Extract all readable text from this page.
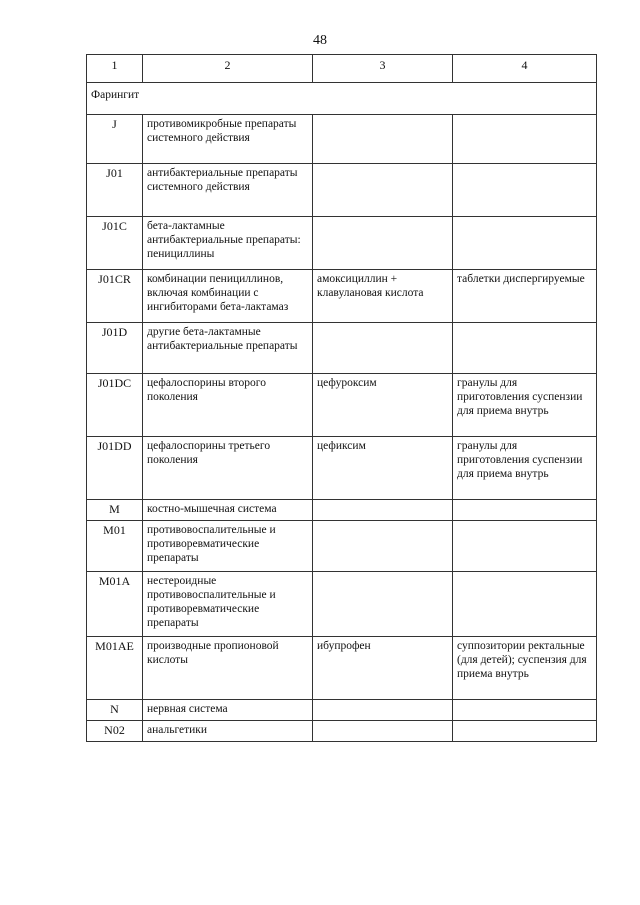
48
1	2	3	4
Фарингит			
J	противомикробные препараты системного действия		
J01	антибактериальные препараты системного действия		
J01C	бета-лактамные антибактериальные препараты: пенициллины		
J01CR	комбинации пенициллинов, включая комбинации с ингибиторами бета-лактамаз	амоксициллин + клавулановая кислота	таблетки диспергируемые
J01D	другие бета-лактамные антибактериальные препараты		
J01DC	цефалоспорины второго поколения	цефуроксим	гранулы для приготовления суспензии для приема внутрь
J01DD	цефалоспорины третьего поколения	цефиксим	гранулы для приготовления суспензии для приема внутрь
M	костно-мышечная система		
M01	противовоспалительные и противоревматические препараты		
M01A	нестероидные противовоспалительные и противоревматические препараты		
M01AE	производные пропионовой кислоты	ибупрофен	суппозитории ректальные (для детей); суспензия для приема внутрь
N	нервная система		
N02	анальгетики		
